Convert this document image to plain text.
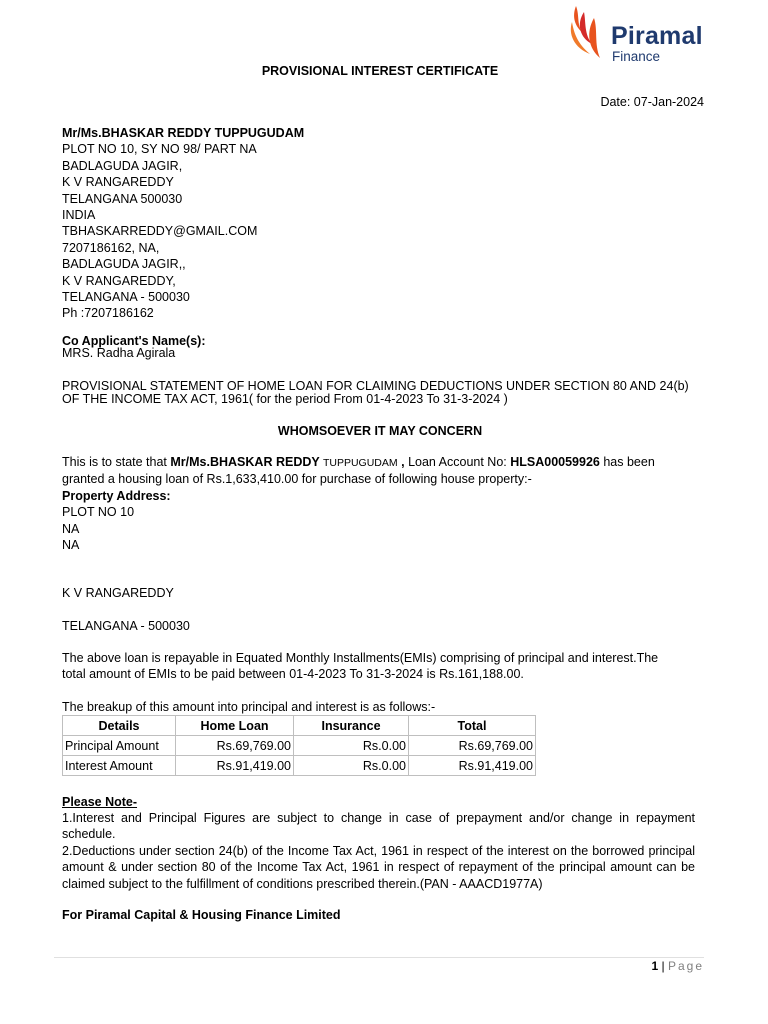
Piramal
Finance
PROVISIONAL INTEREST CERTIFICATE
Date: 07-Jan-2024
Mr/Ms.BHASKAR REDDY TUPPUGUDAM
PLOT NO 10, SY NO 98/ PART NA
BADLAGUDA JAGIR,
K V RANGAREDDY
TELANGANA 500030
INDIA
TBHASKARREDDY@GMAIL.COM
7207186162, NA,
BADLAGUDA JAGIR,,
K V RANGAREDDY,
TELANGANA - 500030
Ph :7207186162
Co Applicant's Name(s):
MRS. Radha Agirala
PROVISIONAL STATEMENT OF HOME LOAN FOR CLAIMING DEDUCTIONS UNDER SECTION 80 AND 24(b)
OF THE INCOME TAX ACT, 1961( for the period From 01-4-2023 To 31-3-2024 )
WHOMSOEVER IT MAY CONCERN
This is to state that Mr/Ms.BHASKAR REDDY TUPPUGUDAM , Loan Account No: HLSA00059926 has been
granted a housing loan of Rs.1,633,410.00 for purchase of following house property:-
Property Address:
PLOT NO 10
NA
NA
K V RANGAREDDY
TELANGANA - 500030
The above loan is repayable in Equated Monthly Installments(EMIs) comprising of principal and interest.The
total amount of EMIs to be paid between 01-4-2023 To 31-3-2024 is Rs.161,188.00.
The breakup of this amount into principal and interest is as follows:-
Details	Home Loan	Insurance	Total
Principal Amount	Rs.69,769.00	Rs.0.00	Rs.69,769.00
Interest Amount	Rs.91,419.00	Rs.0.00	Rs.91,419.00
Please Note-
1.Interest and Principal Figures are subject to change in case of prepayment and/or change in repayment schedule.
2.Deductions under section 24(b) of the Income Tax Act, 1961 in respect of the interest on the borrowed principal amount & under section 80 of the Income Tax Act, 1961 in respect of repayment of the principal amount can be claimed subject to the fulfillment of conditions prescribed therein.(PAN - AAACD1977A)
For Piramal Capital & Housing Finance Limited
1 | Page
